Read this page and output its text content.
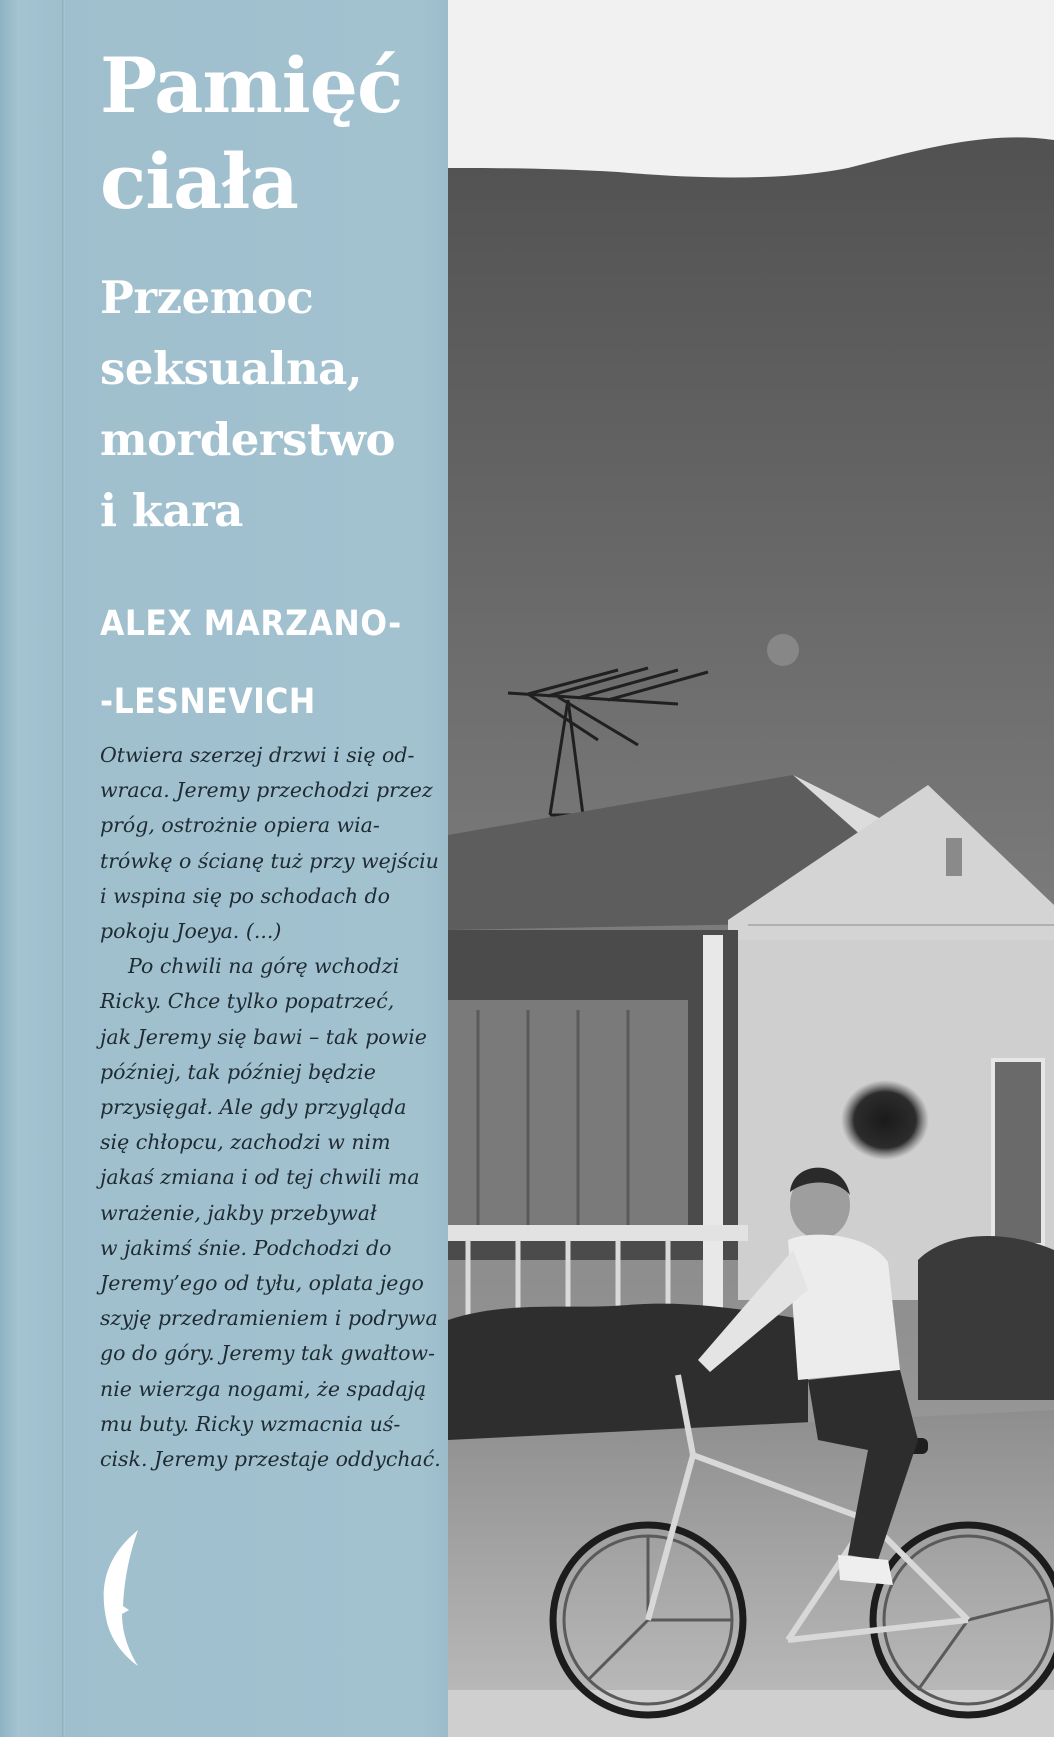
Pamięć
ciała
Przemoc
seksualna,
morderstwo
i kara
ALEX MARZANO-
-LESNEVICH
Otwiera szerzej drzwi i się od-
wraca. Jeremy przechodzi przez
próg, ostrożnie opiera wia-
trówkę o ścianę tuż przy wejściu
i wspina się po schodach do
pokoju Joeya. (...)
Po chwili na górę wchodzi
Ricky. Chce tylko popatrzeć,
jak Jeremy się bawi – tak powie
później, tak później będzie
przysięgał. Ale gdy przygląda
się chłopcu, zachodzi w nim
jakaś zmiana i od tej chwili ma
wrażenie, jakby przebywał
w jakimś śnie. Podchodzi do
Jeremy’ego od tyłu, oplata jego
szyję przedramieniem i podrywa
go do góry. Jeremy tak gwałtow-
nie wierzga nogami, że spadają
mu buty. Ricky wzmacnia uś-
cisk. Jeremy przestaje oddychać.
